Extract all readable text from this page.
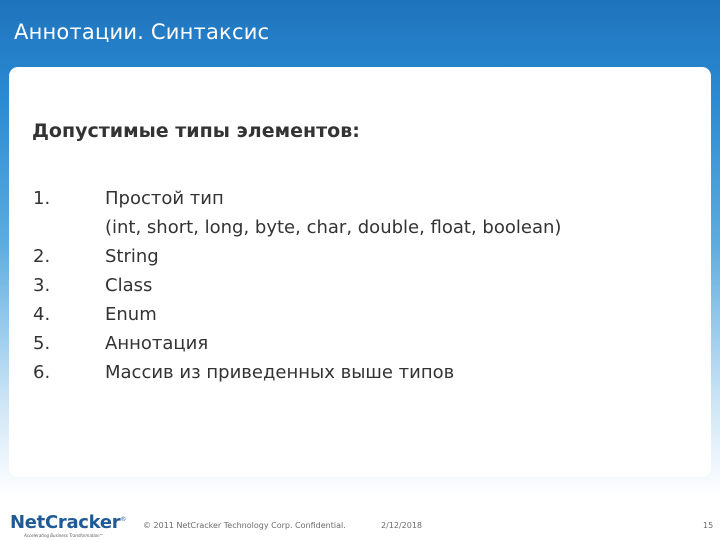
Аннотации. Синтаксис
Допустимые типы элементов:
1.	Простой тип
(int, short, long, byte, char, double, float, boolean)
2.	String
3.	Class
4.	Enum
5.	Аннотация
6.	Массив из приведенных выше типов
NetCracker®
Accelerating Business Transformation™
© 2011 NetCracker Technology Corp. Confidential.	2/12/2018	15
